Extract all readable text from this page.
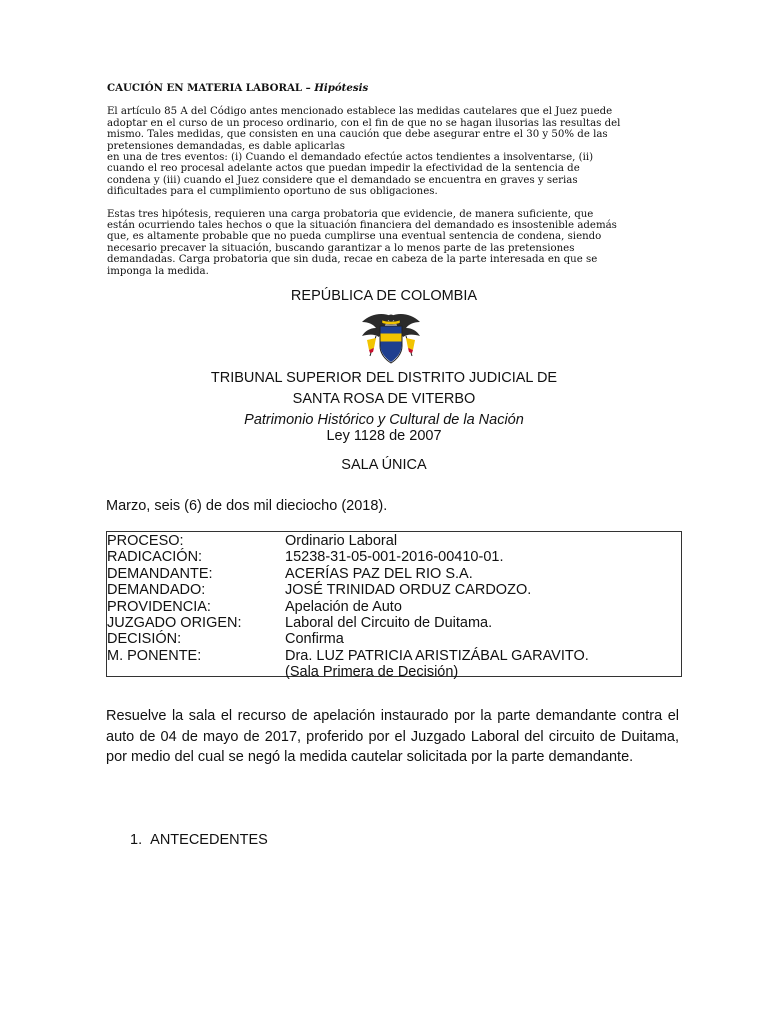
CAUCIÓN EN MATERIA LABORAL – Hipótesis

El artículo 85 A del Código antes mencionado establece las medidas cautelares que el Juez puede
adoptar en el curso de un proceso ordinario, con el fin de que no se hagan ilusorias las resultas del
mismo. Tales medidas, que consisten en una caución que debe asegurar entre el 30 y 50% de las
pretensiones demandadas, es dable aplicarlas
en una de tres eventos: (i) Cuando el demandado efectúe actos tendientes a insolventarse, (ii)
cuando el reo procesal adelante actos que puedan impedir la efectividad de la sentencia de
condena y (iii) cuando el Juez considere que el demandado se encuentra en graves y serias
dificultades para el cumplimiento oportuno de sus obligaciones.

Estas tres hipótesis, requieren una carga probatoria que evidencie, de manera suficiente, que
están ocurriendo tales hechos o que la situación financiera del demandado es insostenible además
que, es altamente probable que no pueda cumplirse una eventual sentencia de condena, siendo
necesario precaver la situación, buscando garantizar a lo menos parte de las pretensiones
demandadas. Carga probatoria que sin duda, recae en cabeza de la parte interesada en que se
imponga la medida.

REPÚBLICA DE COLOMBIA
TRIBUNAL SUPERIOR DEL DISTRITO JUDICIAL DE
SANTA ROSA DE VITERBO
Patrimonio Histórico y Cultural de la Nación
Ley 1128 de 2007
SALA ÚNICA
Marzo, seis (6) de dos mil dieciocho (2018).
PROCESO:	Ordinario Laboral
RADICACIÓN:	15238-31-05-001-2016-00410-01.
DEMANDANTE:	ACERÍAS PAZ DEL RIO S.A.
DEMANDADO:	JOSÉ TRINIDAD ORDUZ CARDOZO.
PROVIDENCIA:	Apelación de Auto
JUZGADO ORIGEN:	Laboral del Circuito de Duitama.
DECISIÓN:	Confirma
M. PONENTE:	Dra. LUZ PATRICIA ARISTIZÁBAL GARAVITO.
(Sala Primera de Decisión)
Resuelve la sala el recurso de apelación instaurado por la parte demandante contra el auto de 04 de mayo de 2017, proferido por el Juzgado Laboral del circuito de Duitama, por medio del cual se negó la medida cautelar solicitada por la parte demandante.
1. ANTECEDENTES
